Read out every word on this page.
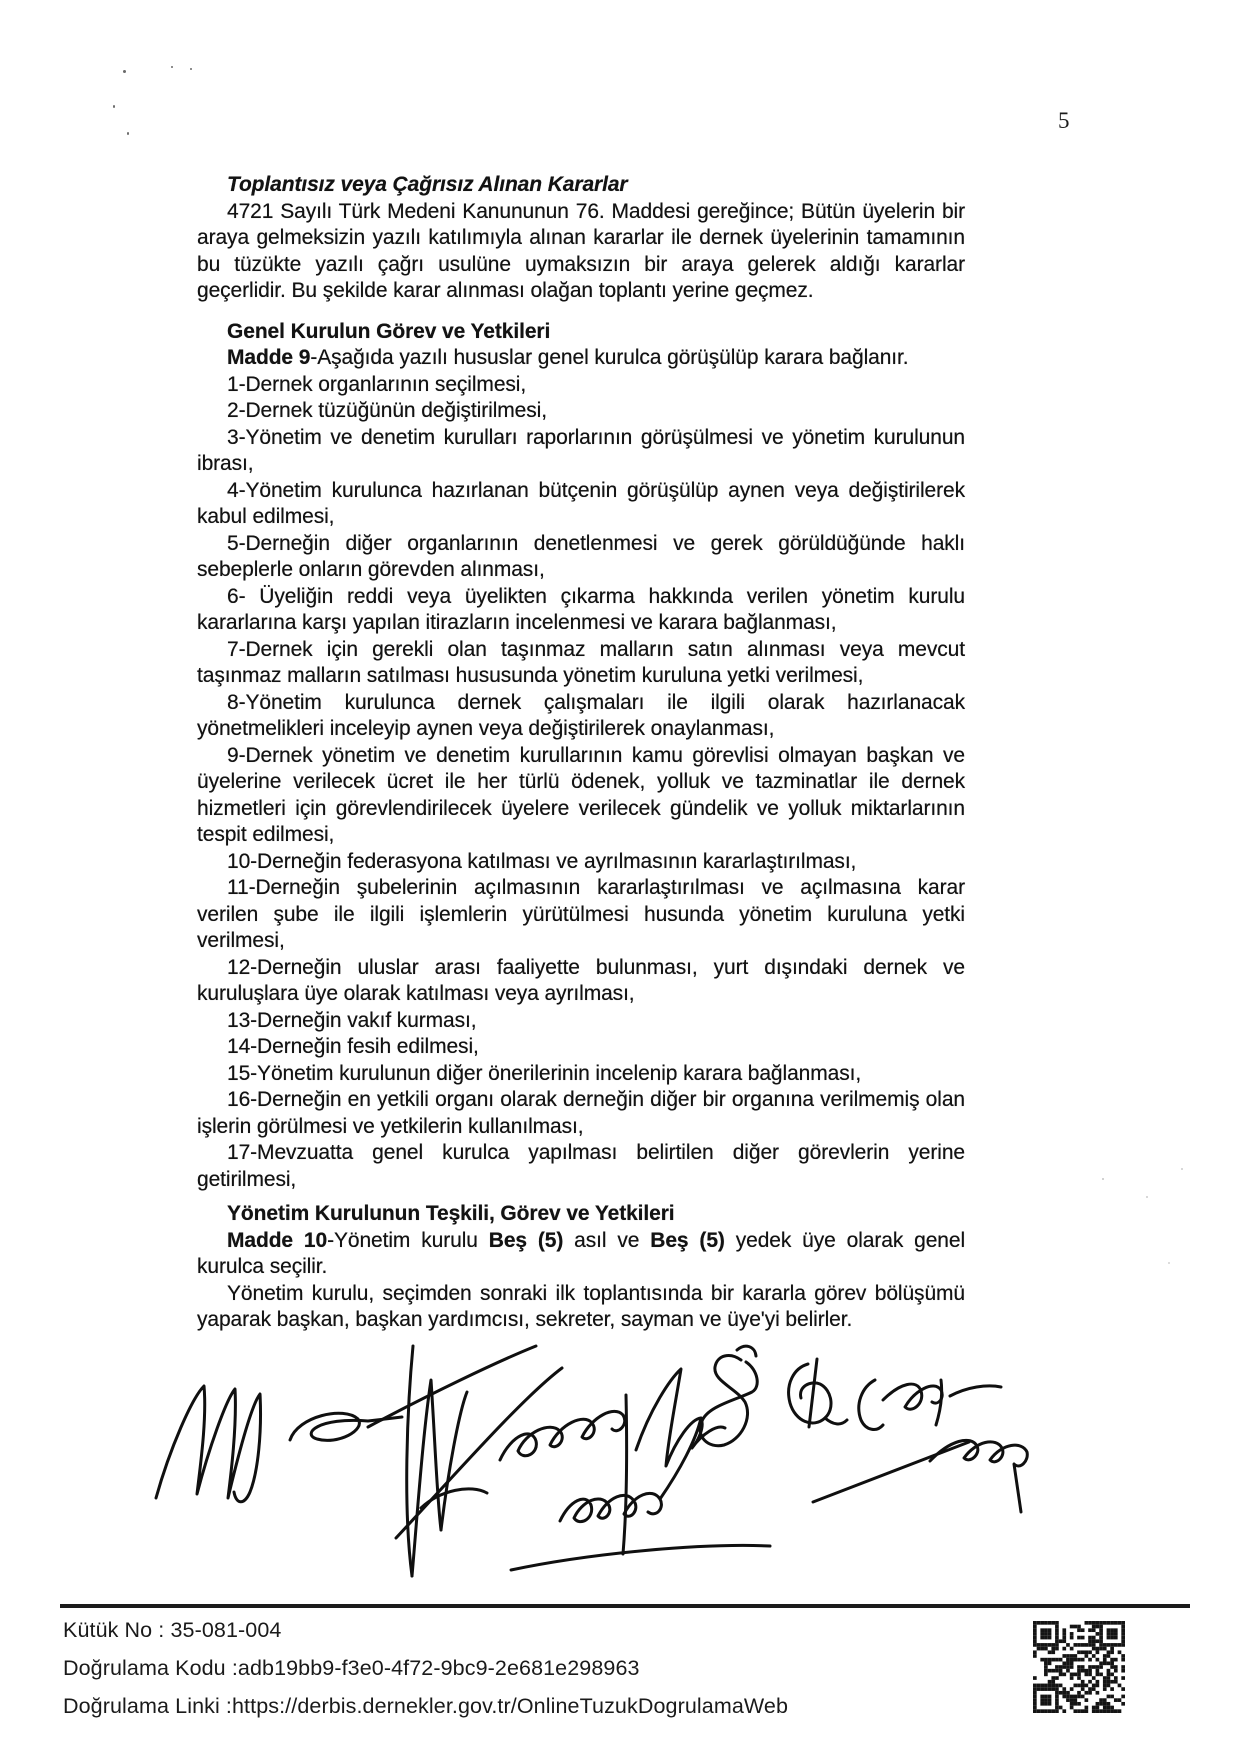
5

Toplantısız veya Çağrısız Alınan Kararlar

4721 Sayılı Türk Medeni Kanununun 76. Maddesi gereğince; Bütün üyelerin bir araya gelmeksizin yazılı katılımıyla alınan kararlar ile dernek üyelerinin tamamının bu tüzükte yazılı çağrı usulüne uymaksızın bir araya gelerek aldığı kararlar geçerlidir. Bu şekilde karar alınması olağan toplantı yerine geçmez.

Genel Kurulun Görev ve Yetkileri

Madde 9-Aşağıda yazılı hususlar genel kurulca görüşülüp karara bağlanır.

1-Dernek organlarının seçilmesi,

2-Dernek tüzüğünün değiştirilmesi,

3-Yönetim ve denetim kurulları raporlarının görüşülmesi ve yönetim kurulunun ibrası,

4-Yönetim kurulunca hazırlanan bütçenin görüşülüp aynen veya değiştirilerek kabul edilmesi,

5-Derneğin diğer organlarının denetlenmesi ve gerek görüldüğünde haklı sebeplerle onların görevden alınması,

6- Üyeliğin reddi veya üyelikten çıkarma hakkında verilen yönetim kurulu kararlarına karşı yapılan itirazların incelenmesi ve karara bağlanması,

7-Dernek için gerekli olan taşınmaz malların satın alınması veya mevcut taşınmaz malların satılması hususunda yönetim kuruluna yetki verilmesi,

8-Yönetim kurulunca dernek çalışmaları ile ilgili olarak hazırlanacak yönetmelikleri inceleyip aynen veya değiştirilerek onaylanması,

9-Dernek yönetim ve denetim kurullarının kamu görevlisi olmayan başkan ve üyelerine verilecek ücret ile her türlü ödenek, yolluk ve tazminatlar ile dernek hizmetleri için görevlendirilecek üyelere verilecek gündelik ve yolluk miktarlarının tespit edilmesi,

10-Derneğin federasyona katılması ve ayrılmasının kararlaştırılması,

11-Derneğin şubelerinin açılmasının kararlaştırılması ve açılmasına karar verilen şube ile ilgili işlemlerin yürütülmesi husunda yönetim kuruluna yetki verilmesi,

12-Derneğin uluslar arası faaliyette bulunması, yurt dışındaki dernek ve kuruluşlara üye olarak katılması veya ayrılması,

13-Derneğin vakıf kurması,

14-Derneğin fesih edilmesi,

15-Yönetim kurulunun diğer önerilerinin incelenip karara bağlanması,

16-Derneğin en yetkili organı olarak derneğin diğer bir organına verilmemiş olan işlerin görülmesi ve yetkilerin kullanılması,

17-Mevzuatta genel kurulca yapılması belirtilen diğer görevlerin yerine getirilmesi,

Yönetim Kurulunun Teşkili, Görev ve Yetkileri

Madde 10-Yönetim kurulu Beş (5) asıl ve Beş (5) yedek üye olarak genel kurulca seçilir.

Yönetim kurulu, seçimden sonraki ilk toplantısında bir kararla görev bölüşümü yaparak başkan, başkan yardımcısı, sekreter, sayman ve üye'yi belirler.

Kütük No : 35-081-004
Doğrulama Kodu :adb19bb9-f3e0-4f72-9bc9-2e681e298963
Doğrulama Linki :https://derbis.dernekler.gov.tr/OnlineTuzukDogrulamaWeb
